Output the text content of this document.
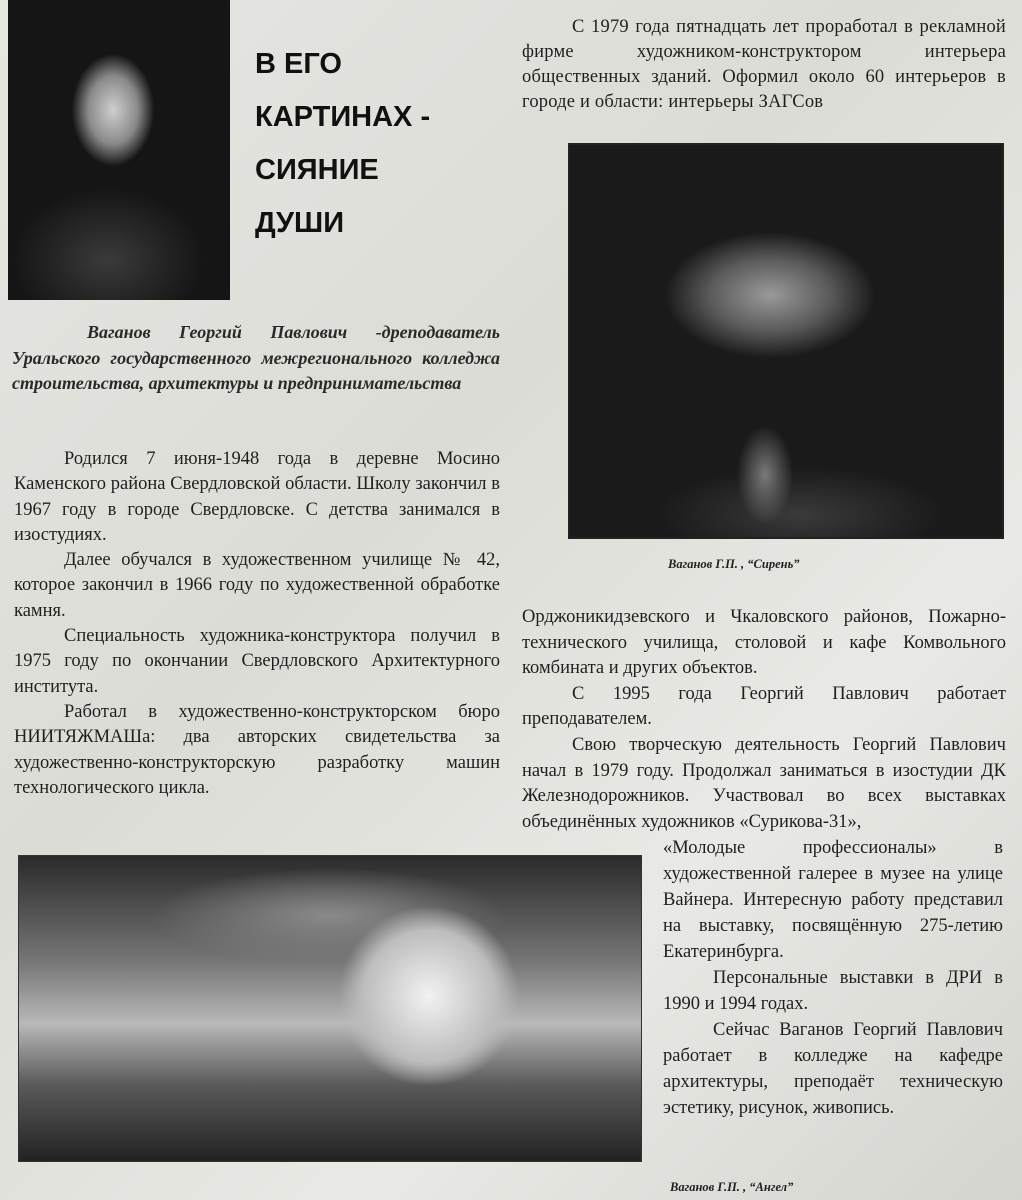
В ЕГО
КАРТИНАХ -
СИЯНИЕ
ДУШИ
Ваганов Георгий Павлович -дреподаватель Уральского государственного межрегионального колледжа строительства, архитектуры и предпринимательства

Родился 7 июня-1948 года в деревне Мосино Каменского района Свердловской области. Школу закончил в 1967 году в городе Свердловске. С детства занимался в изостудиях.

Далее обучался в художественном училище № 42, которое закончил в 1966 году по художественной обработке камня.

Специальность художника-конструктора получил в 1975 году по окончании Свердловского Архитектурного института.

Работал в художественно-конструкторском бюро НИИТЯЖМАШа: два авторских свидетельства за художественно-конструкторскую разработку машин технологического цикла.

С 1979 года пятнадцать лет проработал в рекламной фирме художником-конструктором интерьера общественных зданий. Оформил около 60 интерьеров в городе и области: интерьеры ЗАГСов

Ваганов Г.П. , “Сирень”

Орджоникидзевского и Чкаловского районов, Пожарно-технического училища, столовой и кафе Комвольного комбината и других объектов.

С 1995 года Георгий Павлович работает преподавателем.

Свою творческую деятельность Георгий Павлович начал в 1979 году. Продолжал заниматься в изостудии ДК Железнодорожников. Участвовал во всех выставках объединённых художников «Сурикова-31»,

«Молодые профессионалы» в художественной галерее в музее на улице Вайнера. Интересную работу представил на выставку, посвящённую 275-летию Екатеринбурга.

Персональные выставки в ДРИ в 1990 и 1994 годах.

Сейчас Ваганов Георгий Павлович работает в колледже на кафедре архитектуры, преподаёт техническую эстетику, рисунок, живопись.

Ваганов Г.П. , “Ангел”
